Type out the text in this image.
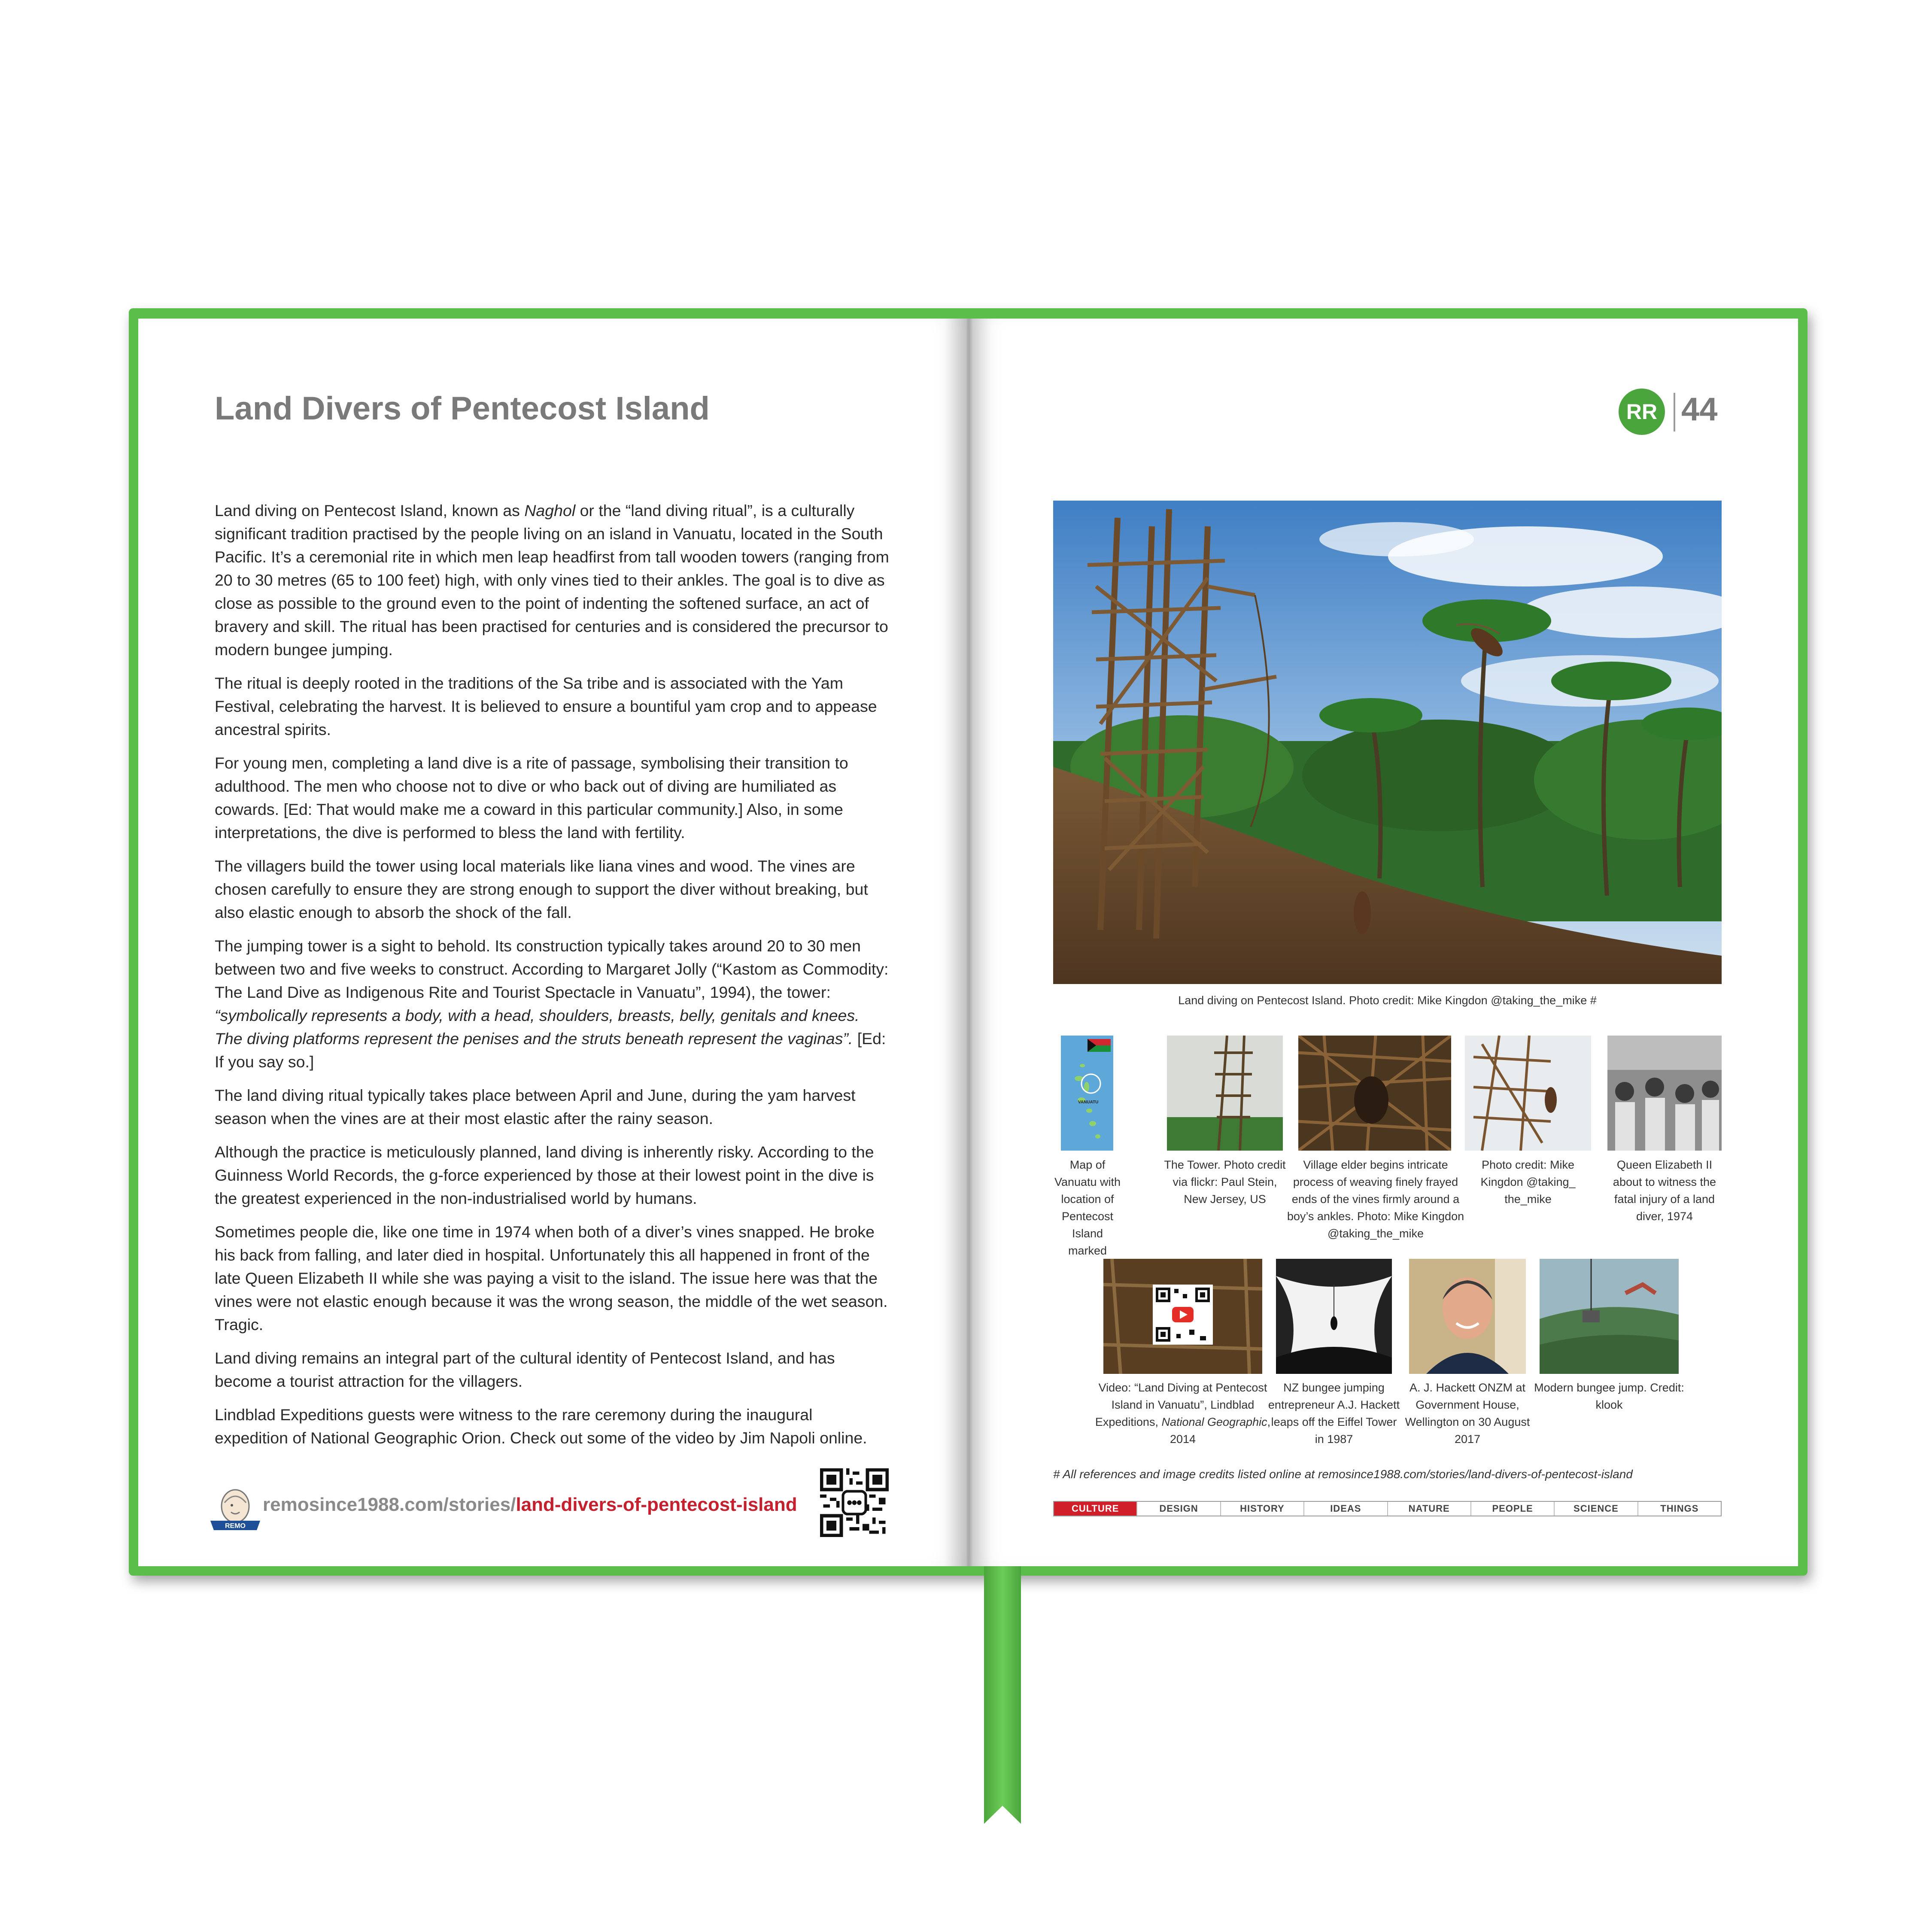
Land Divers of Pentecost Island

Land diving on Pentecost Island, known as Naghol or the “land diving ritual”, is a culturally significant tradition practised by the people living on an island in Vanuatu, located in the South Pacific. It’s a ceremonial rite in which men leap headfirst from tall wooden towers (ranging from 20 to 30 metres (65 to 100 feet) high, with only vines tied to their ankles. The goal is to dive as close as possible to the ground even to the point of indenting the softened surface, an act of bravery and skill. The ritual has been practised for centuries and is considered the precursor to modern bungee jumping.

The ritual is deeply rooted in the traditions of the Sa tribe and is associated with the Yam Festival, celebrating the harvest. It is believed to ensure a bountiful yam crop and to appease ancestral spirits.

For young men, completing a land dive is a rite of passage, symbolising their transition to adulthood. The men who choose not to dive or who back out of diving are humiliated as cowards. [Ed: That would make me a coward in this particular community.] Also, in some interpretations, the dive is performed to bless the land with fertility.

The villagers build the tower using local materials like liana vines and wood. The vines are chosen carefully to ensure they are strong enough to support the diver without breaking, but also elastic enough to absorb the shock of the fall.

The jumping tower is a sight to behold. Its construction typically takes around 20 to 30 men between two and five weeks to construct. According to Margaret Jolly (“Kastom as Commodity: The Land Dive as Indigenous Rite and Tourist Spectacle in Vanuatu”, 1994), the tower: “symbolically represents a body, with a head, shoulders, breasts, belly, genitals and knees. The diving platforms represent the penises and the struts beneath represent the vaginas”. [Ed: If you say so.]

The land diving ritual typically takes place between April and June, during the yam harvest season when the vines are at their most elastic after the rainy season.

Although the practice is meticulously planned, land diving is inherently risky. According to the Guinness World Records, the g-force experienced by those at their lowest point in the dive is the greatest experienced in the non-industrialised world by humans.

Sometimes people die, like one time in 1974 when both of a diver’s vines snapped. He broke his back from falling, and later died in hospital. Unfortunately this all happened in front of the late Queen Elizabeth II while she was paying a visit to the island. The issue here was that the vines were not elastic enough because it was the wrong season, the middle of the wet season. Tragic.

Land diving remains an integral part of the cultural identity of Pentecost Island, and has become a tourist attraction for the villagers.

Lindblad Expeditions guests were witness to the rare ceremony during the inaugural expedition of National Geographic Orion. Check out some of the video by Jim Napoli online.

REMO
remosince1988.com/stories/land-divers-of-pentecost-island
RR 44
Land diving on Pentecost Island. Photo credit: Mike Kingdon @taking_the_mike #
VANUATU
Map of Vanuatu with location of Pentecost Island marked
The Tower. Photo credit via flickr: Paul Stein, New Jersey, US
Village elder begins intricate process of weaving finely frayed ends of the vines firmly around a boy’s ankles. Photo: Mike Kingdon @taking_the_mike
Photo credit: Mike Kingdon @taking_ the_mike
Queen Elizabeth II about to witness the fatal injury of a land diver, 1974
Video: “Land Diving at Pentecost Island in Vanuatu”, Lindblad Expeditions, National Geographic, 2014
NZ bungee jumping entrepreneur A.J. Hackett leaps off the Eiffel Tower in 1987
A. J. Hackett ONZM at Government House, Wellington on 30 August 2017
Modern bungee jump. Credit: klook
# All references and image credits listed online at remosince1988.com/stories/land-divers-of-pentecost-island
CULTURE	DESIGN	HISTORY	IDEAS	NATURE	PEOPLE	SCIENCE	THINGS
